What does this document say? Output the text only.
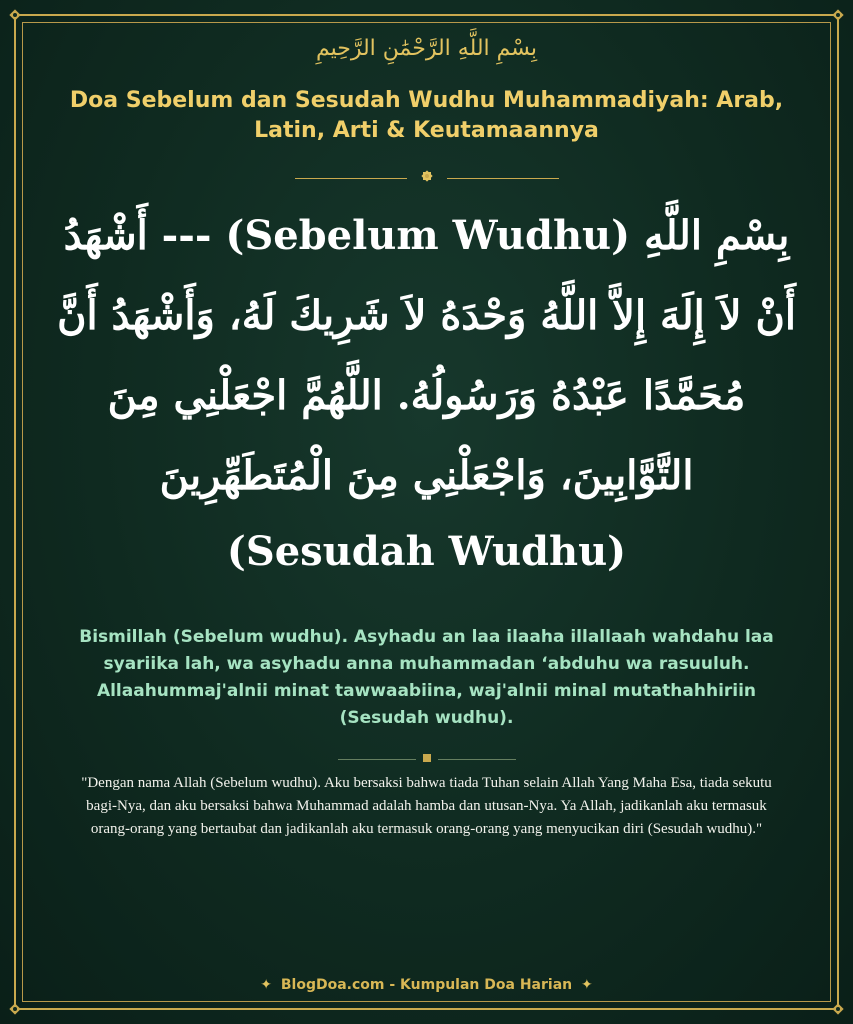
بِسْمِ اللَّهِ الرَّحْمَٰنِ الرَّحِيمِ
Doa Sebelum dan Sesudah Wudhu Muhammadiyah: Arab, Latin, Arti & Keutamaannya
بِسْمِ اللَّهِ (Sebelum Wudhu) --- أَشْهَدُ أَنْ لاَ إِلَهَ إِلاَّ اللَّهُ وَحْدَهُ لاَ شَرِيكَ لَهُ، وَأَشْهَدُ أَنَّ مُحَمَّدًا عَبْدُهُ وَرَسُولُهُ. اللَّهُمَّ اجْعَلْنِي مِنَ التَّوَّابِينَ، وَاجْعَلْنِي مِنَ الْمُتَطَهِّرِينَ
(Sesudah Wudhu)
Bismillah (Sebelum wudhu). Asyhadu an laa ilaaha illallaah wahdahu laa syariika lah, wa asyhadu anna muhammadan ‘abduhu wa rasuuluh. Allaahummaj'alnii minat tawwaabiina, waj'alnii minal mutathahhiriin (Sesudah wudhu).
"Dengan nama Allah (Sebelum wudhu). Aku bersaksi bahwa tiada Tuhan selain Allah Yang Maha Esa, tiada sekutu bagi-Nya, dan aku bersaksi bahwa Muhammad adalah hamba dan utusan-Nya. Ya Allah, jadikanlah aku termasuk orang-orang yang bertaubat dan jadikanlah aku termasuk orang-orang yang menyucikan diri (Sesudah wudhu)."
✦ BlogDoa.com - Kumpulan Doa Harian ✦
